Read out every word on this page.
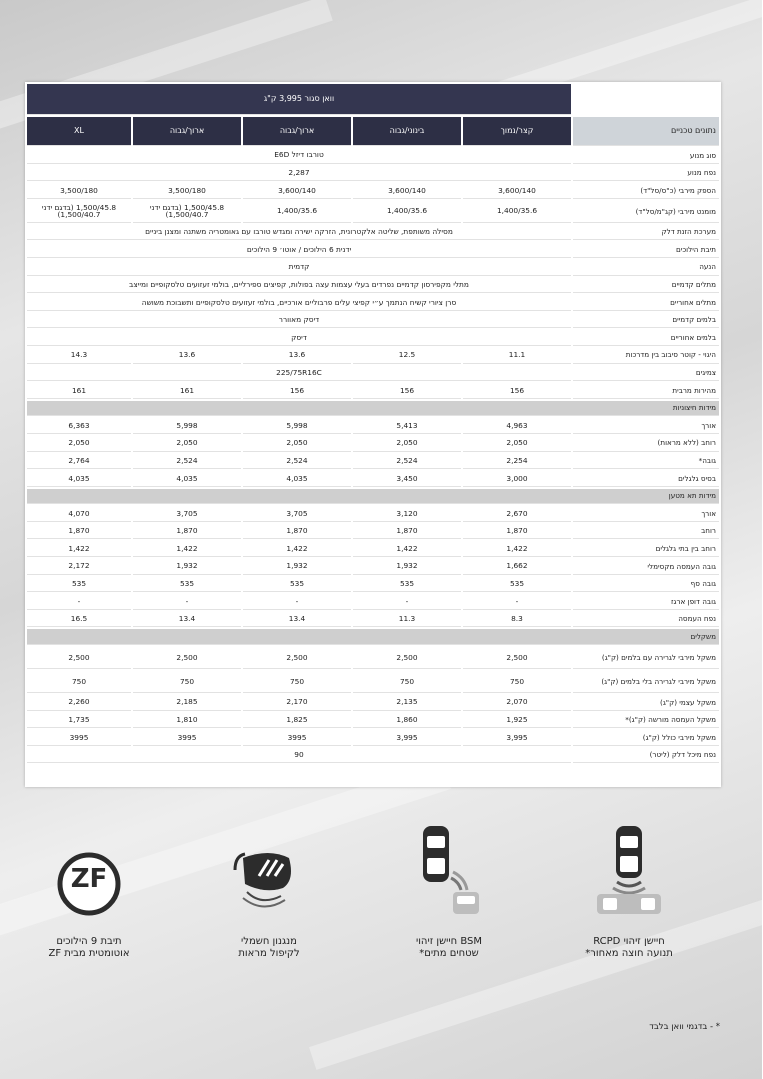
	וואן סגור 3,995 ק"ג				
נתונים טכניים	קצר/נמוך	בינוני/גבוה	ארוך/גבוה	ארוך/גבוה	XL
סוג מנוע	טורבו דיזל E6D				
נפח מנוע	2,287				
הספק מירבי (כ"ס/סל"ד)	3,600/140	3,600/140	3,600/140	3,500/180	3,500/180
מומנט מירבי (קג"מ/סל"ד)	1,400/35.6	1,400/35.6	1,400/35.6	1,500/45.8 (בדגם ידני 1,500/40.7)	1,500/45.8 (בדגם ידני 1,500/40.7)
מערכת הזנת דלק	מסילה משותפת, שליטה אלקטרונית, הזרקה ישירה ומגדש טורבו עם גאומטריה משתנה ומצנן ביניים				
תיבת הילוכים	ידנית 6 הילוכים / אוטו׳ 9 הילוכים				
הנעה	קדמית				
מתלים קדמיים	מתלי מקפירסון קדמיים נפרדים בעלי עצמות עצה בפולות, קפיצים ספירליים, בולמי זעזועים טלסקופיים ומייצב				
מתלים אחוריים	סרן ציורי קשיח הנתמך ע״י קפיצי עלים פרבוליים אורכיים, בולמי זעזועים טלסקופיים ותשבוכת משושה				
בלמים קדמיים	דיסק מאוורר				
בלמים אחוריים	דיסק				
היגוי - קוטר סיבוב בין מדרכות	11.1	12.5	13.6	13.6	14.3
צמיגים	225/75R16C				
מהירות מרבית	156	156	156	161	161
מידות חיצוניות					
אורך	4,963	5,413	5,998	5,998	6,363
רוחב (ללא מראות)	2,050	2,050	2,050	2,050	2,050
גובה*	2,254	2,524	2,524	2,524	2,764
בסיס גלגלים	3,000	3,450	4,035	4,035	4,035
מידות תא מטען					
אורך	2,670	3,120	3,705	3,705	4,070
רוחב	1,870	1,870	1,870	1,870	1,870
רוחב בין בתי גלגלים	1,422	1,422	1,422	1,422	1,422
גובה העמסה מקסימלי	1,662	1,932	1,932	1,932	2,172
גובה סף	535	535	535	535	535
גובה דופן ארגז	-	-	-	-	-
נפח העמסה	8.3	11.3	13.4	13.4	16.5
משקלים					
משקל מירבי לגרירה עם בלמים (ק"ג)	2,500	2,500	2,500	2,500	2,500
משקל מירבי לגרירה בלי בלמים (ק"ג)	750	750	750	750	750
משקל עצמי (ק"ג)	2,070	2,135	2,170	2,185	2,260
משקל העמסה מורשה (ק"ג)*	1,925	1,860	1,825	1,810	1,735
משקל מירבי כולל (ק"ג)	3,995	3,995	3995	3995	3995
נפח מיכל דלק (ליטר)	90				
חיישן זיהוי RCPD
תנועה חוצה מאחור*
BSM חיישן זיהוי
שטחים מתים*
מנגנון חשמלי
לקיפול מראות
ZF
תיבת 9 הילוכים
אוטומטית מבית ZF
* - בדגמי וואן בלבד
